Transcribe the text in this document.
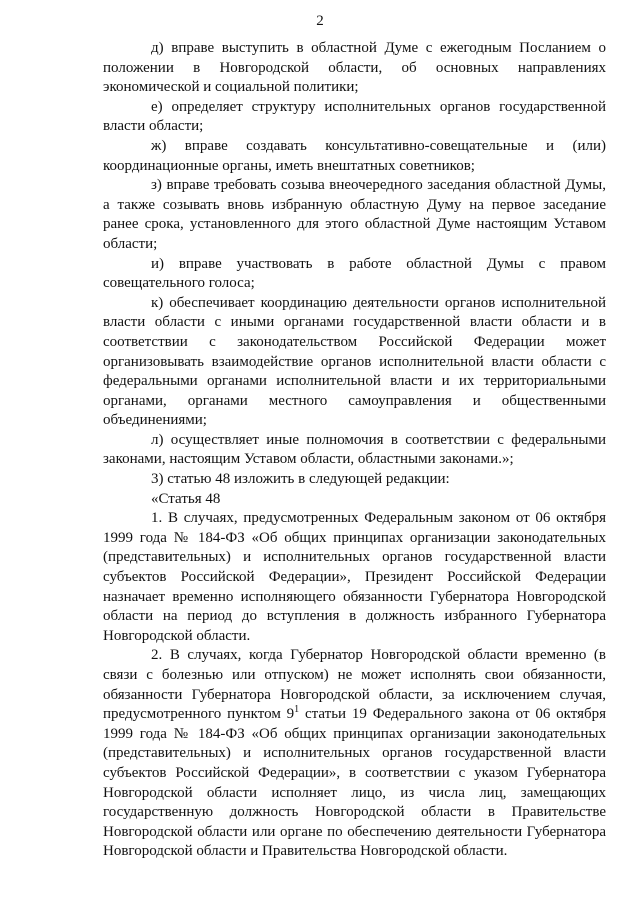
2

д) вправе выступить в областной Думе с ежегодным Посланием о положении в Новгородской области, об основных направлениях экономической и социальной политики;

е) определяет структуру исполнительных органов государственной власти области;

ж) вправе создавать консультативно-совещательные и (или) координационные органы, иметь внештатных советников;

з) вправе требовать созыва внеочередного заседания областной Думы, а также созывать вновь избранную областную Думу на первое заседание ранее срока, установленного для этого областной Думе настоящим Уставом области;

и) вправе участвовать в работе областной Думы с правом совещательного голоса;

к) обеспечивает координацию деятельности органов исполнительной власти области с иными органами государственной власти области и в соответствии с законодательством Российской Федерации может организовывать взаимодействие органов исполнительной власти области с федеральными органами исполнительной власти и их территориальными органами, органами местного самоуправления и общественными объединениями;

л) осуществляет иные полномочия в соответствии с федеральными законами, настоящим Уставом области, областными законами.»;

3) статью 48 изложить в следующей редакции:

«Статья 48

1. В случаях, предусмотренных Федеральным законом от 06 октября 1999 года № 184-ФЗ «Об общих принципах организации законодательных (представительных) и исполнительных органов государственной власти субъектов Российской Федерации», Президент Российской Федерации назначает временно исполняющего обязанности Губернатора Новгородской области на период до вступления в должность избранного Губернатора Новгородской области.

2. В случаях, когда Губернатор Новгородской области временно (в связи с болезнью или отпуском) не может исполнять свои обязанности, обязанности Губернатора Новгородской области, за исключением случая, предусмотренного пунктом $9^1$ статьи 19 Федерального закона от 06 октября 1999 года № 184-ФЗ «Об общих принципах организации законодательных (представительных) и исполнительных органов государственной власти субъектов Российской Федерации», в соответствии с указом Губернатора Новгородской области исполняет лицо, из числа лиц, замещающих государственную должность Новгородской области в Правительстве Новгородской области или органе по обеспечению деятельности Губернатора Новгородской области и Правительства Новгородской области.
